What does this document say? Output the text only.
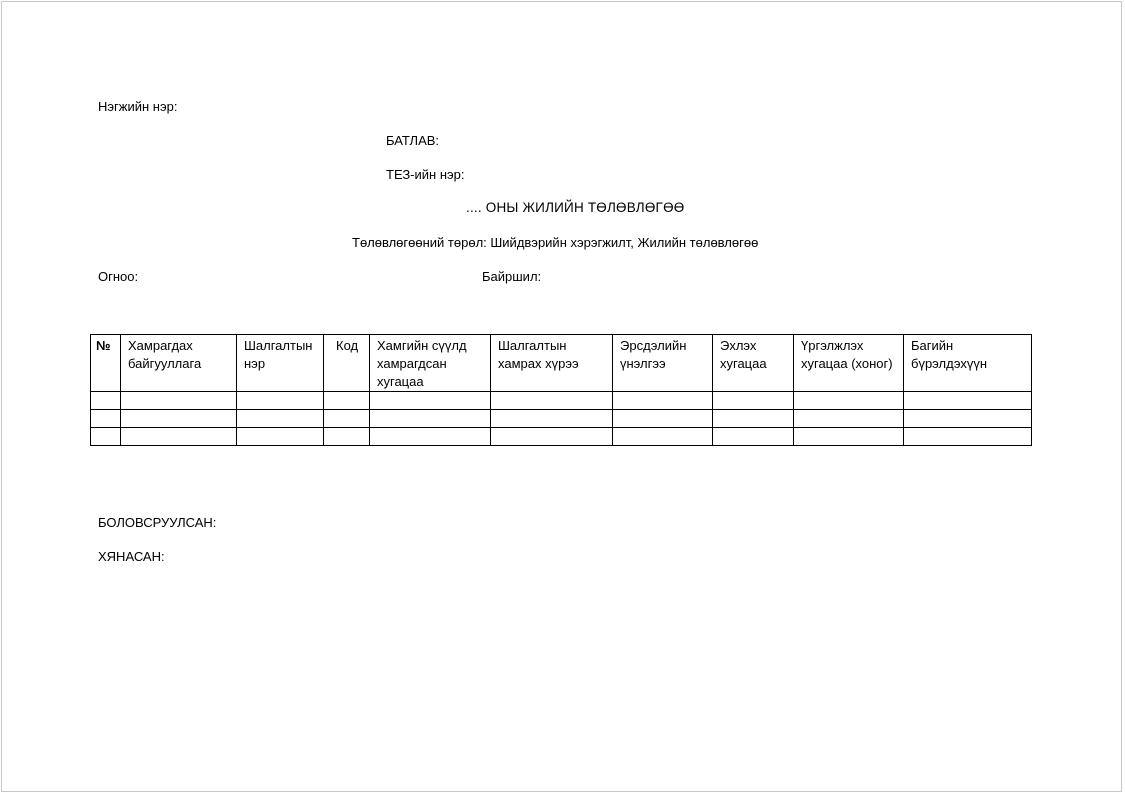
Нэгжийн нэр:
БАТЛАВ:
ТЕЗ-ийн нэр:
.... ОНЫ ЖИЛИЙН ТӨЛӨВЛӨГӨӨ
Төлөвлөгөөний төрөл: Шийдвэрийн хэрэгжилт, Жилийн төлөвлөгөө
Огноо:	Байршил:
№	Хамрагдах байгууллага	Шалгалтын нэр	Код	Хамгийн сүүлд хамрагдсан хугацаа	Шалгалтын хамрах хүрээ	Эрсдэлийн үнэлгээ	Эхлэх хугацаа	Үргэлжлэх хугацаа (хоног)	Багийн бүрэлдэхүүн

БОЛОВСРУУЛСАН:
ХЯНАСАН:
